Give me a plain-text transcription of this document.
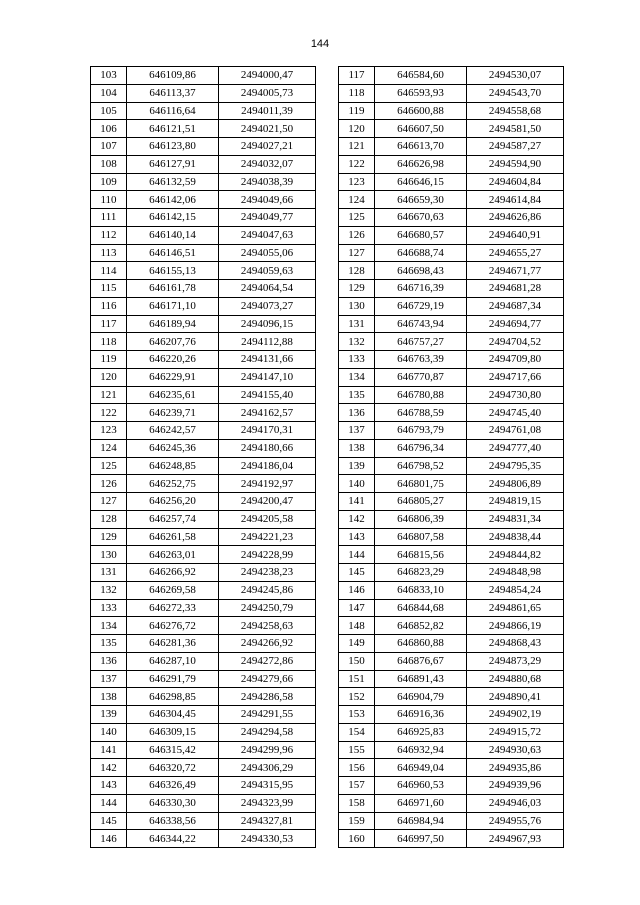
144
103	646109,86	2494000,47
104	646113,37	2494005,73
105	646116,64	2494011,39
106	646121,51	2494021,50
107	646123,80	2494027,21
108	646127,91	2494032,07
109	646132,59	2494038,39
110	646142,06	2494049,66
111	646142,15	2494049,77
112	646140,14	2494047,63
113	646146,51	2494055,06
114	646155,13	2494059,63
115	646161,78	2494064,54
116	646171,10	2494073,27
117	646189,94	2494096,15
118	646207,76	2494112,88
119	646220,26	2494131,66
120	646229,91	2494147,10
121	646235,61	2494155,40
122	646239,71	2494162,57
123	646242,57	2494170,31
124	646245,36	2494180,66
125	646248,85	2494186,04
126	646252,75	2494192,97
127	646256,20	2494200,47
128	646257,74	2494205,58
129	646261,58	2494221,23
130	646263,01	2494228,99
131	646266,92	2494238,23
132	646269,58	2494245,86
133	646272,33	2494250,79
134	646276,72	2494258,63
135	646281,36	2494266,92
136	646287,10	2494272,86
137	646291,79	2494279,66
138	646298,85	2494286,58
139	646304,45	2494291,55
140	646309,15	2494294,58
141	646315,42	2494299,96
142	646320,72	2494306,29
143	646326,49	2494315,95
144	646330,30	2494323,99
145	646338,56	2494327,81
146	646344,22	2494330,53
117	646584,60	2494530,07
118	646593,93	2494543,70
119	646600,88	2494558,68
120	646607,50	2494581,50
121	646613,70	2494587,27
122	646626,98	2494594,90
123	646646,15	2494604,84
124	646659,30	2494614,84
125	646670,63	2494626,86
126	646680,57	2494640,91
127	646688,74	2494655,27
128	646698,43	2494671,77
129	646716,39	2494681,28
130	646729,19	2494687,34
131	646743,94	2494694,77
132	646757,27	2494704,52
133	646763,39	2494709,80
134	646770,87	2494717,66
135	646780,88	2494730,80
136	646788,59	2494745,40
137	646793,79	2494761,08
138	646796,34	2494777,40
139	646798,52	2494795,35
140	646801,75	2494806,89
141	646805,27	2494819,15
142	646806,39	2494831,34
143	646807,58	2494838,44
144	646815,56	2494844,82
145	646823,29	2494848,98
146	646833,10	2494854,24
147	646844,68	2494861,65
148	646852,82	2494866,19
149	646860,88	2494868,43
150	646876,67	2494873,29
151	646891,43	2494880,68
152	646904,79	2494890,41
153	646916,36	2494902,19
154	646925,83	2494915,72
155	646932,94	2494930,63
156	646949,04	2494935,86
157	646960,53	2494939,96
158	646971,60	2494946,03
159	646984,94	2494955,76
160	646997,50	2494967,93
